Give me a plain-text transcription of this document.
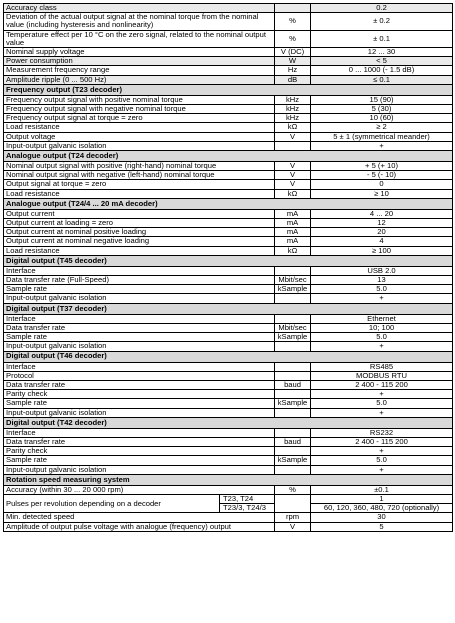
Accuracy class			0.2
Deviation of the actual output signal at the nominal torque from the nominal value (including hysteresis and nonlinearity)		%	± 0.2
Temperature effect per 10 °C on the zero signal, related to the nominal output value		%	± 0.1
Nominal supply voltage		V (DC)	12 ... 30
Power consumption		W	< 5
Measurement frequency range		Hz	0 ... 1000 (- 1.5 dB)
Amplitude ripple (0 ... 500 Hz)		dB	≤ 0.1
Frequency output (T23 decoder)			
Frequency output signal with positive nominal torque		kHz	15 (90)
Frequency output signal with negative nominal torque		kHz	5 (30)
Frequency output signal at torque = zero		kHz	10 (60)
Load resistance		kΩ	≥ 2
Output voltage		V	5 ± 1 (symmetrical meander)
Input-output galvanic isolation			+
Analogue output (T24 decoder)			
Nominal output signal with positive (right-hand) nominal torque		V	+ 5 (+ 10)
Nominal output signal with negative (left-hand) nominal torque		V	- 5 (- 10)
Output signal at torque = zero		V	0
Load resistance		kΩ	≥ 10
Analogue output (T24/4 ... 20 mA decoder)			
Output current		mA	4 ... 20
Output current at loading = zero		mA	12
Output current at nominal positive loading		mA	20
Output current at nominal negative loading		mA	4
Load resistance		kΩ	≥ 100
Digital output (T45 decoder)			
Interface			USB 2.0
Data transfer rate (Full-Speed)		Mbit/sec	13
Sample rate		kSample	5.0
Input-output galvanic isolation			+
Digital output (T37 decoder)			
Interface			Ethernet
Data transfer rate		Mbit/sec	10; 100
Sample rate		kSample	5.0
Input-output galvanic isolation			+
Digital output (T46 decoder)			
Interface			RS485
Protocol			MODBUS RTU
Data transfer rate		baud	2 400 - 115 200
Parity check			+
Sample rate		kSample	5.0
Input-output galvanic isolation			+
Digital output (T42 decoder)			
Interface			RS232
Data transfer rate		baud	2 400 - 115 200
Parity check			+
Sample rate		kSample	5.0
Input-output galvanic isolation			+
Rotation speed measuring system			
Accuracy (within 30 ... 20 000 rpm)		%	±0.1
Pulses per revolution depending on a decoder	T23, T24		1
	T23/3, T24/3		60, 120, 360, 480, 720 (optionally)
Min. detected speed		rpm	30
Amplitude of output pulse voltage with analogue (frequency) output		V	5
